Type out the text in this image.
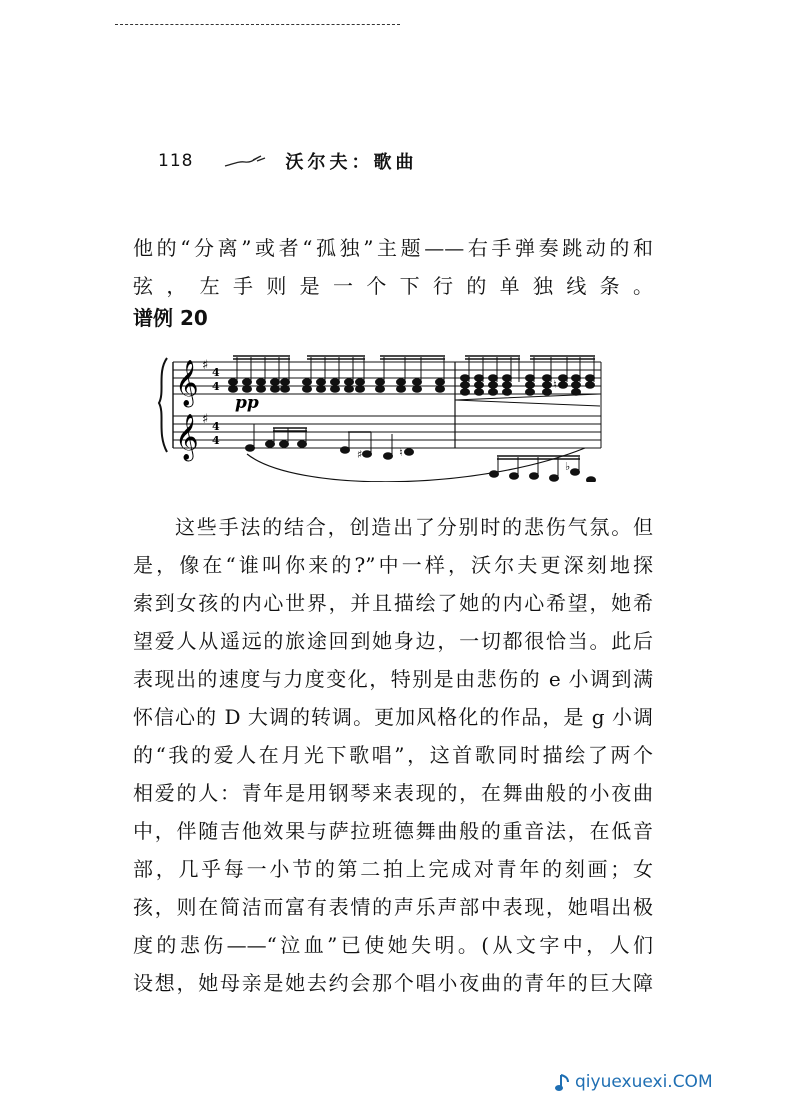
118	沃尔夫：歌曲

他的“分离”或者“孤独”主题——右手弹奏跳动的和
弦，左手则是一个下行的单独线条。

谱例 20
𝄞
𝄞
♯
♯
4
4
4
4
pp
♮
♯	♮
♭

这些手法的结合，创造出了分别时的悲伤气氛。但
是，像在“谁叫你来的?”中一样，沃尔夫更深刻地探
索到女孩的内心世界，并且描绘了她的内心希望，她希
望爱人从遥远的旅途回到她身边，一切都很恰当。此后
表现出的速度与力度变化，特别是由悲伤的 e 小调到满
怀信心的 D 大调的转调。更加风格化的作品，是 g 小调
的“我的爱人在月光下歌唱”，这首歌同时描绘了两个
相爱的人：青年是用钢琴来表现的，在舞曲般的小夜曲
中，伴随吉他效果与萨拉班德舞曲般的重音法，在低音
部，几乎每一小节的第二拍上完成对青年的刻画；女
孩，则在简洁而富有表情的声乐声部中表现，她唱出极
度的悲伤——“泣血”已使她失明。(从文字中，人们
设想，她母亲是她去约会那个唱小夜曲的青年的巨大障

qiyuexuexi.COM
